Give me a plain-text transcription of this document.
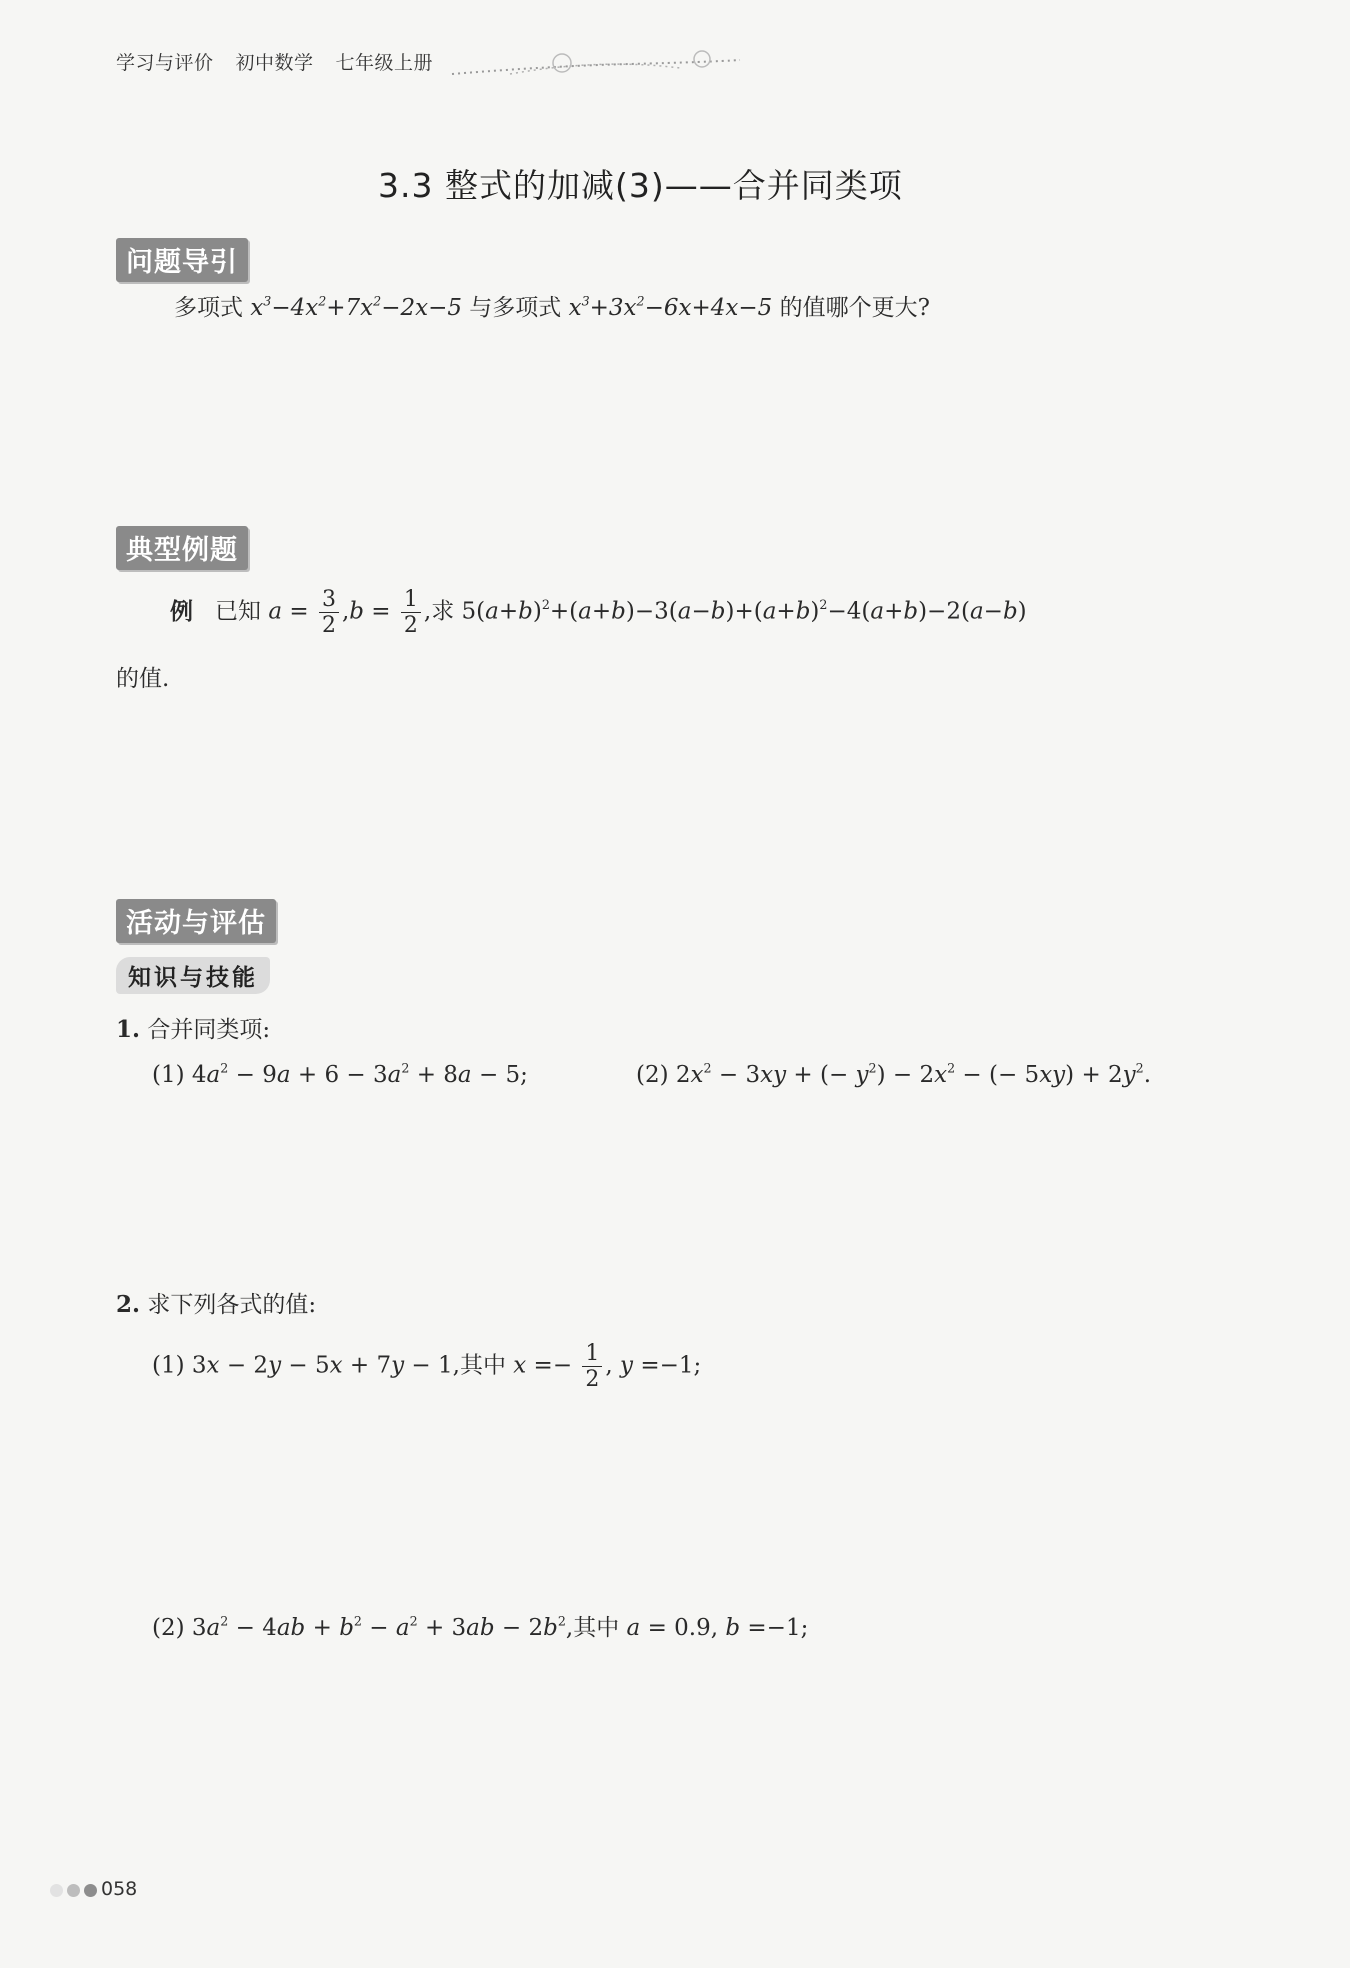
学习与评价 初中数学 七年级上册
3.3 整式的加减(3)——合并同类项
问题导引
多项式 $x^3-4x^2+7x^2-2x-5$ 与多项式 $x^3+3x^2-6x+4x-5$ 的值哪个更大?
典型例题
例 已知 $a = \frac{3}{2} ,b = \frac{1}{2}$ ,求 $5(a+b)^2+(a+b)-3(a-b)+(a+b)^2-4(a+b)-2(a-b)$
的值.
活动与评估
知识与技能
1. 合并同类项:
(1) $4a^2 - 9a + 6 - 3a^2 + 8a - 5$;	(2) $2x^2 - 3xy$ + (− $y^2) - 2x^2$ − (− $5xy) + 2y^2$.
2. 求下列各式的值:
(1) 3x − 2y − 5x + 7y − 1,其中 $x =- \frac{1}{2}$ , y =−1;
(2) $3a^2 - 4ab + b^2 - a^2 + 3ab - 2b^2$,其中 a = 0.9, b =−1;
058
